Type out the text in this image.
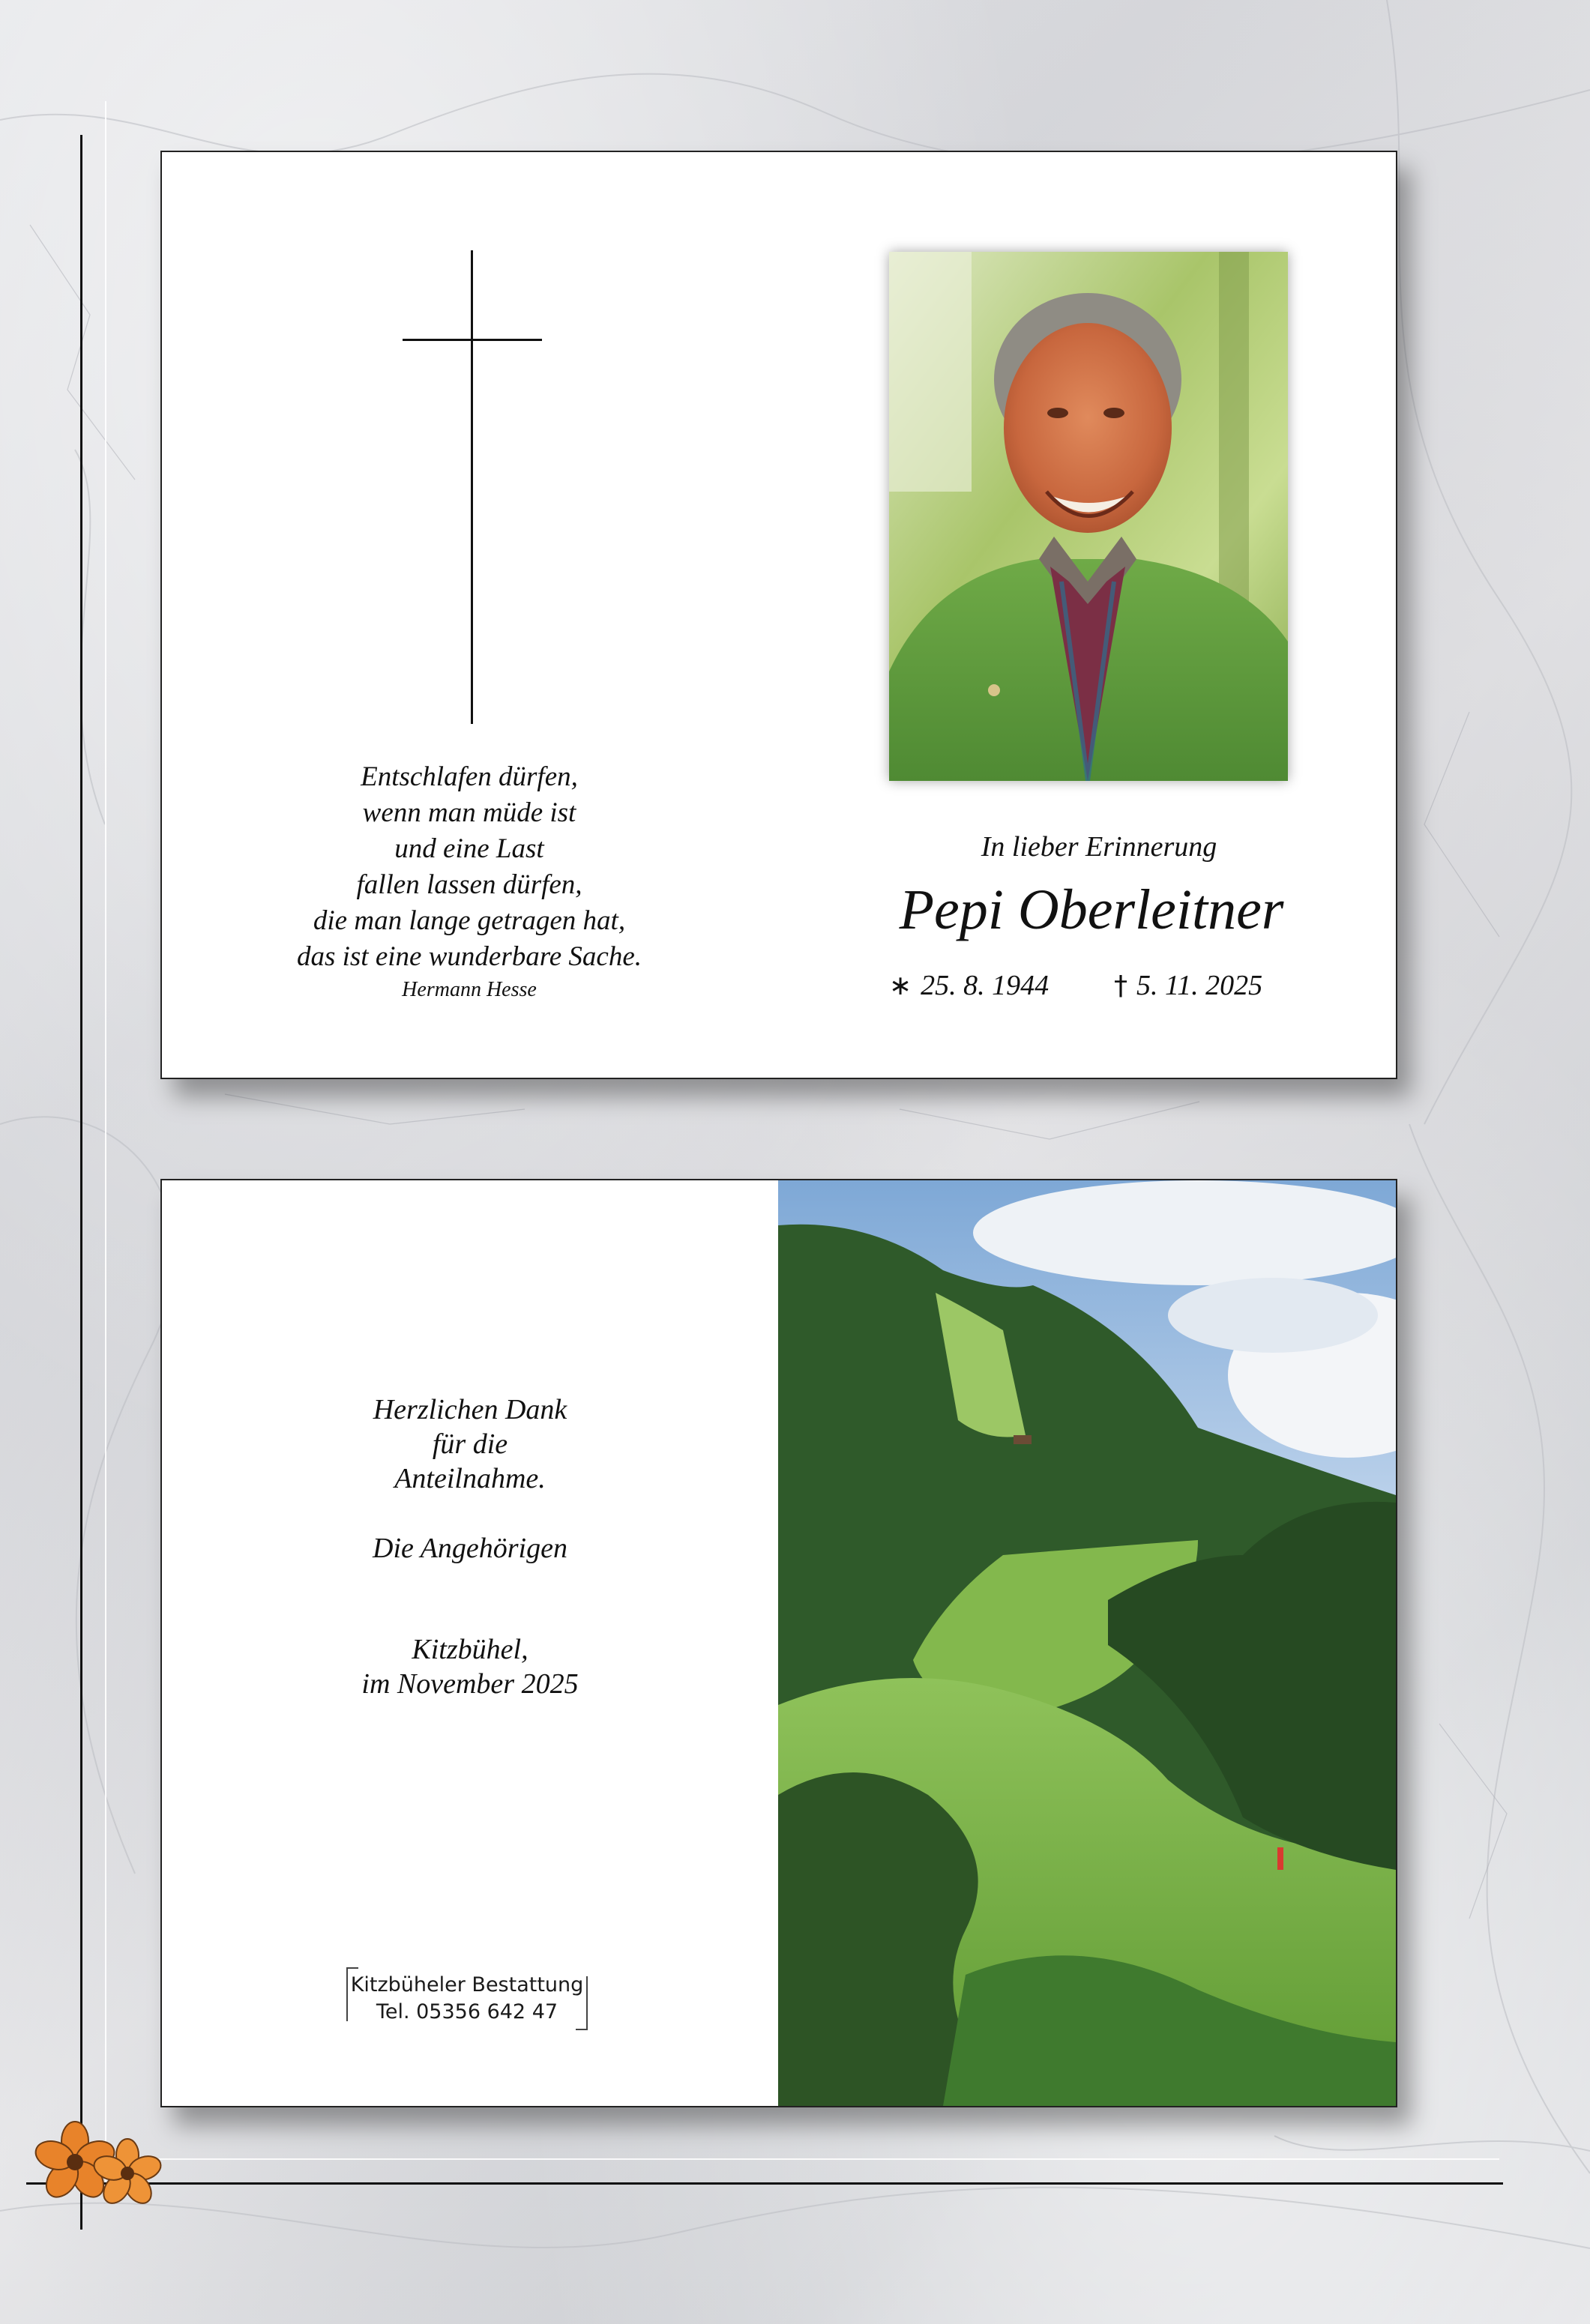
Entschlafen dürfen,
wenn man müde ist
und eine Last
fallen lassen dürfen,
die man lange getragen hat,
das ist eine wunderbare Sache.
Hermann Hesse
In lieber Erinnerung
Pepi Oberleitner
∗ 25. 8. 1944 † 5. 11. 2025
Herzlichen Dank
für die
Anteilnahme.
Die Angehörigen
Kitzbühel,
im November 2025
Kitzbüheler Bestattung
Tel. 05356 642 47
